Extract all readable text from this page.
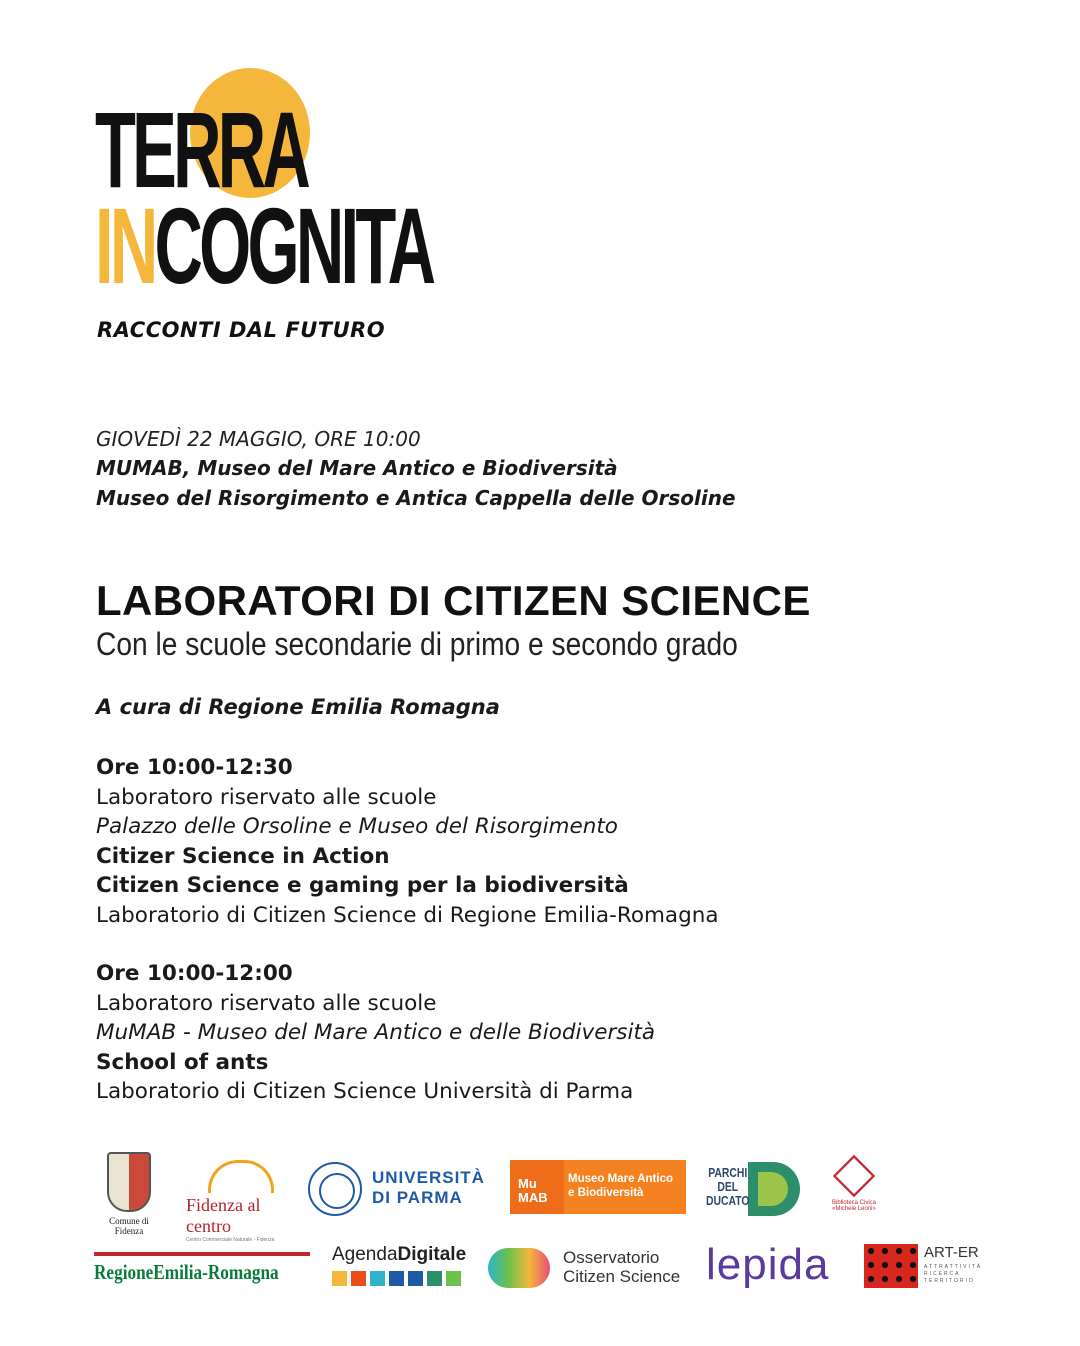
TERRA
INCOGNITA
RACCONTI DAL FUTURO
GIOVEDÌ 22 MAGGIO, ORE 10:00
MUMAB, Museo del Mare Antico e Biodiversità
Museo del Risorgimento e Antica Cappella delle Orsoline
LABORATORI DI CITIZEN SCIENCE
Con le scuole secondarie di primo e secondo grado
A cura di Regione Emilia Romagna
Ore 10:00-12:30
Laboratoro riservato alle scuole
Palazzo delle Orsoline e Museo del Risorgimento
Citizer Science in Action
Citizen Science e gaming per la biodiversità
Laboratorio di Citizen Science di Regione Emilia-Romagna
Ore 10:00-12:00
Laboratoro riservato alle scuole
MuMAB - Museo del Mare Antico e delle Biodiversità
School of ants
Laboratorio di Citizen Science Università di Parma
Comune di Fidenza
Fidenza al centro
Centro Commerciale Naturale - Fidenza
UNIVERSITÀ
DI PARMA
Mu
MAB
Museo Mare Antico
e Biodiversità
PARCHI
DEL
DUCATO	Biblioteca Civica «Michele Leoni»
RegioneEmilia-Romagna
AgendaDigitale	Osservatorio
Citizen Science lepida	ART-ER
ATTRATTIVITÀ
RICERCA
TERRITORIO
